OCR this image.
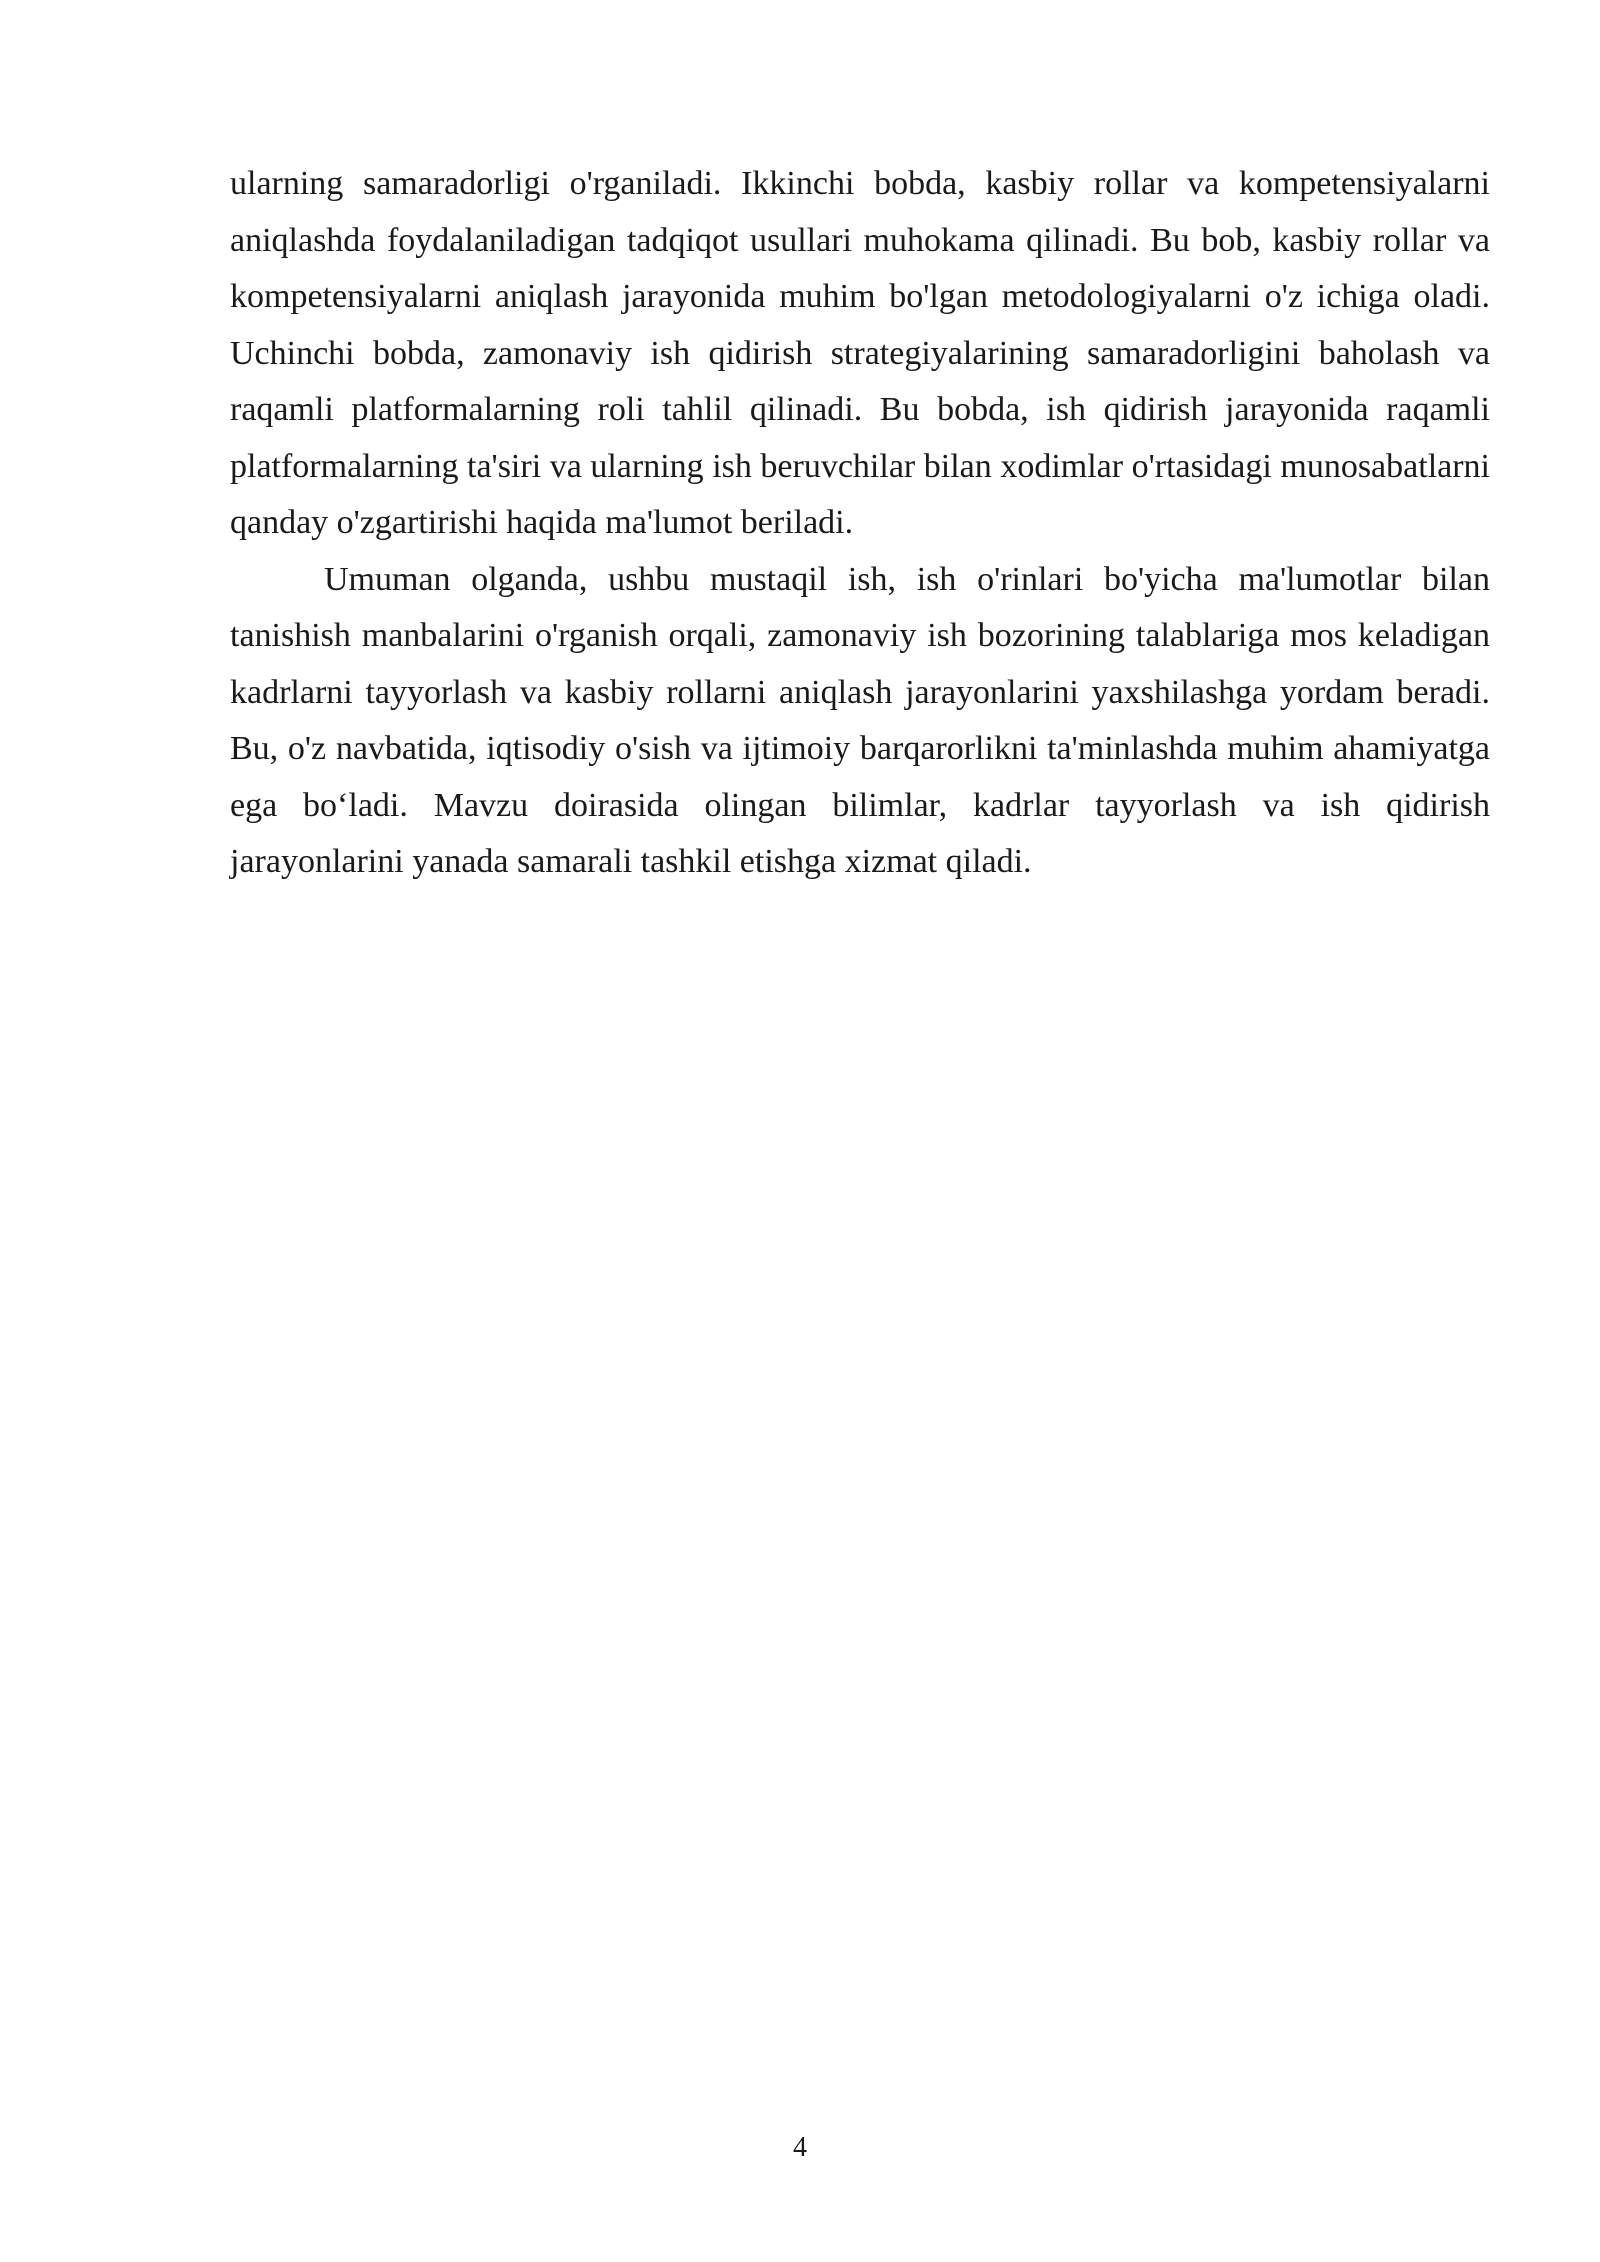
ularning samaradorligi o'rganiladi. Ikkinchi bobda, kasbiy rollar va kompetensiyalarni aniqlashda foydalaniladigan tadqiqot usullari muhokama qilinadi. Bu bob, kasbiy rollar va kompetensiyalarni aniqlash jarayonida muhim bo'lgan metodologiyalarni o'z ichiga oladi. Uchinchi bobda, zamonaviy ish qidirish strategiyalarining samaradorligini baholash va raqamli platformalarning roli tahlil qilinadi. Bu bobda, ish qidirish jarayonida raqamli platformalarning ta'siri va ularning ish beruvchilar bilan xodimlar o'rtasidagi munosabatlarni qanday o'zgartirishi haqida ma'lumot beriladi.

Umuman olganda, ushbu mustaqil ish, ish o'rinlari bo'yicha ma'lumotlar bilan tanishish manbalarini o'rganish orqali, zamonaviy ish bozorining talablariga mos keladigan kadrlarni tayyorlash va kasbiy rollarni aniqlash jarayonlarini yaxshilashga yordam beradi. Bu, o'z navbatida, iqtisodiy o'sish va ijtimoiy barqarorlikni ta'minlashda muhim ahamiyatga ega bo‘ladi. Mavzu doirasida olingan bilimlar, kadrlar tayyorlash va ish qidirish jarayonlarini yanada samarali tashkil etishga xizmat qiladi.

4
